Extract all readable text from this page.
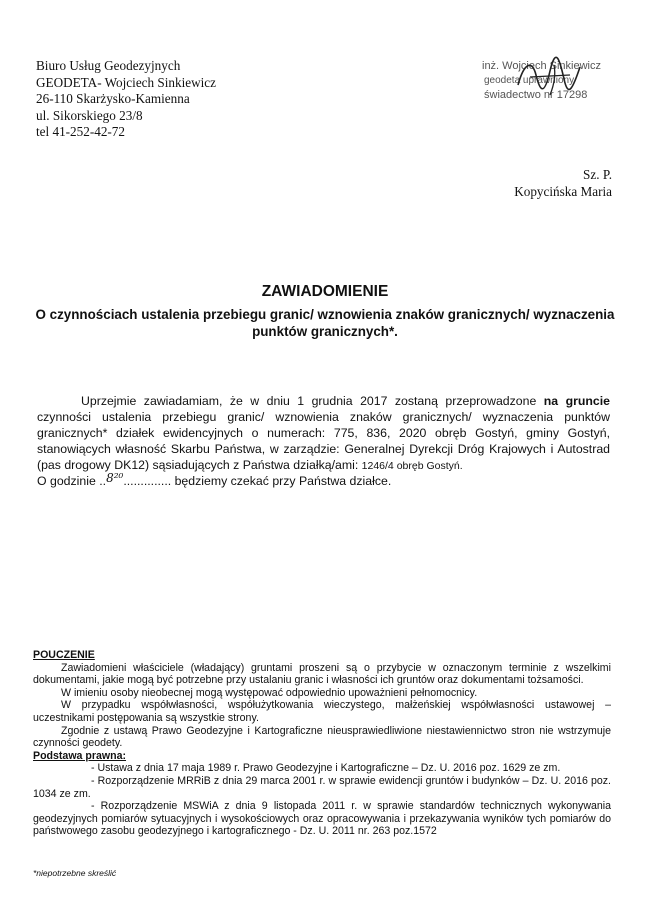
Biuro Usług Geodezyjnych
GEODETA- Wojciech Sinkiewicz
26-110 Skarżysko-Kamienna
ul. Sikorskiego 23/8
tel 41-252-42-72
inż. Wojciech Sinkiewicz
geodeta uprawniony
świadectwo nr 17298
Sz. P.
Kopycińska Maria
ZAWIADOMIENIE
O czynnościach ustalenia przebiegu granic/ wznowienia znaków granicznych/ wyznaczenia punktów granicznych*.

Uprzejmie zawiadamiam, że w dniu 1 grudnia 2017 zostaną przeprowadzone na gruncie czynności ustalenia przebiegu granic/ wznowienia znaków granicznych/ wyznaczenia punktów granicznych* działek ewidencyjnych o numerach: 775, 836, 2020 obręb Gostyń, gminy Gostyń, stanowiących własność Skarbu Państwa, w zarządzie: Generalnej Dyrekcji Dróg Krajowych i Autostrad (pas drogowy DK12) sąsiadujących z Państwa działką/ami: 1246/4 obręb Gostyń.

O godzinie ..8²⁰.............. będziemy czekać przy Państwa działce.
POUCZENIE

Zawiadomieni właściciele (władający) gruntami proszeni są o przybycie w oznaczonym terminie z wszelkimi dokumentami, jakie mogą być potrzebne przy ustalaniu granic i własności ich gruntów oraz dokumentami tożsamości.

W imieniu osoby nieobecnej mogą występować odpowiednio upoważnieni pełnomocnicy.

W przypadku współwłasności, współużytkowania wieczystego, małżeńskiej współwłasności ustawowej – uczestnikami postępowania są wszystkie strony.

Zgodnie z ustawą Prawo Geodezyjne i Kartograficzne nieusprawiedliwione niestawiennictwo stron nie wstrzymuje czynności geodety.

Podstawa prawna:

- Ustawa z dnia 17 maja 1989 r. Prawo Geodezyjne i Kartograficzne – Dz. U. 2016 poz. 1629 ze zm.

- Rozporządzenie MRRiB z dnia 29 marca 2001 r. w sprawie ewidencji gruntów i budynków – Dz. U. 2016 poz. 1034 ze zm.

- Rozporządzenie MSWiA z dnia 9 listopada 2011 r. w sprawie standardów technicznych wykonywania geodezyjnych pomiarów sytuacyjnych i wysokościowych oraz opracowywania i przekazywania wyników tych pomiarów do państwowego zasobu geodezyjnego i kartograficznego - Dz. U. 2011 nr. 263 poz.1572

*niepotrzebne skreślić
